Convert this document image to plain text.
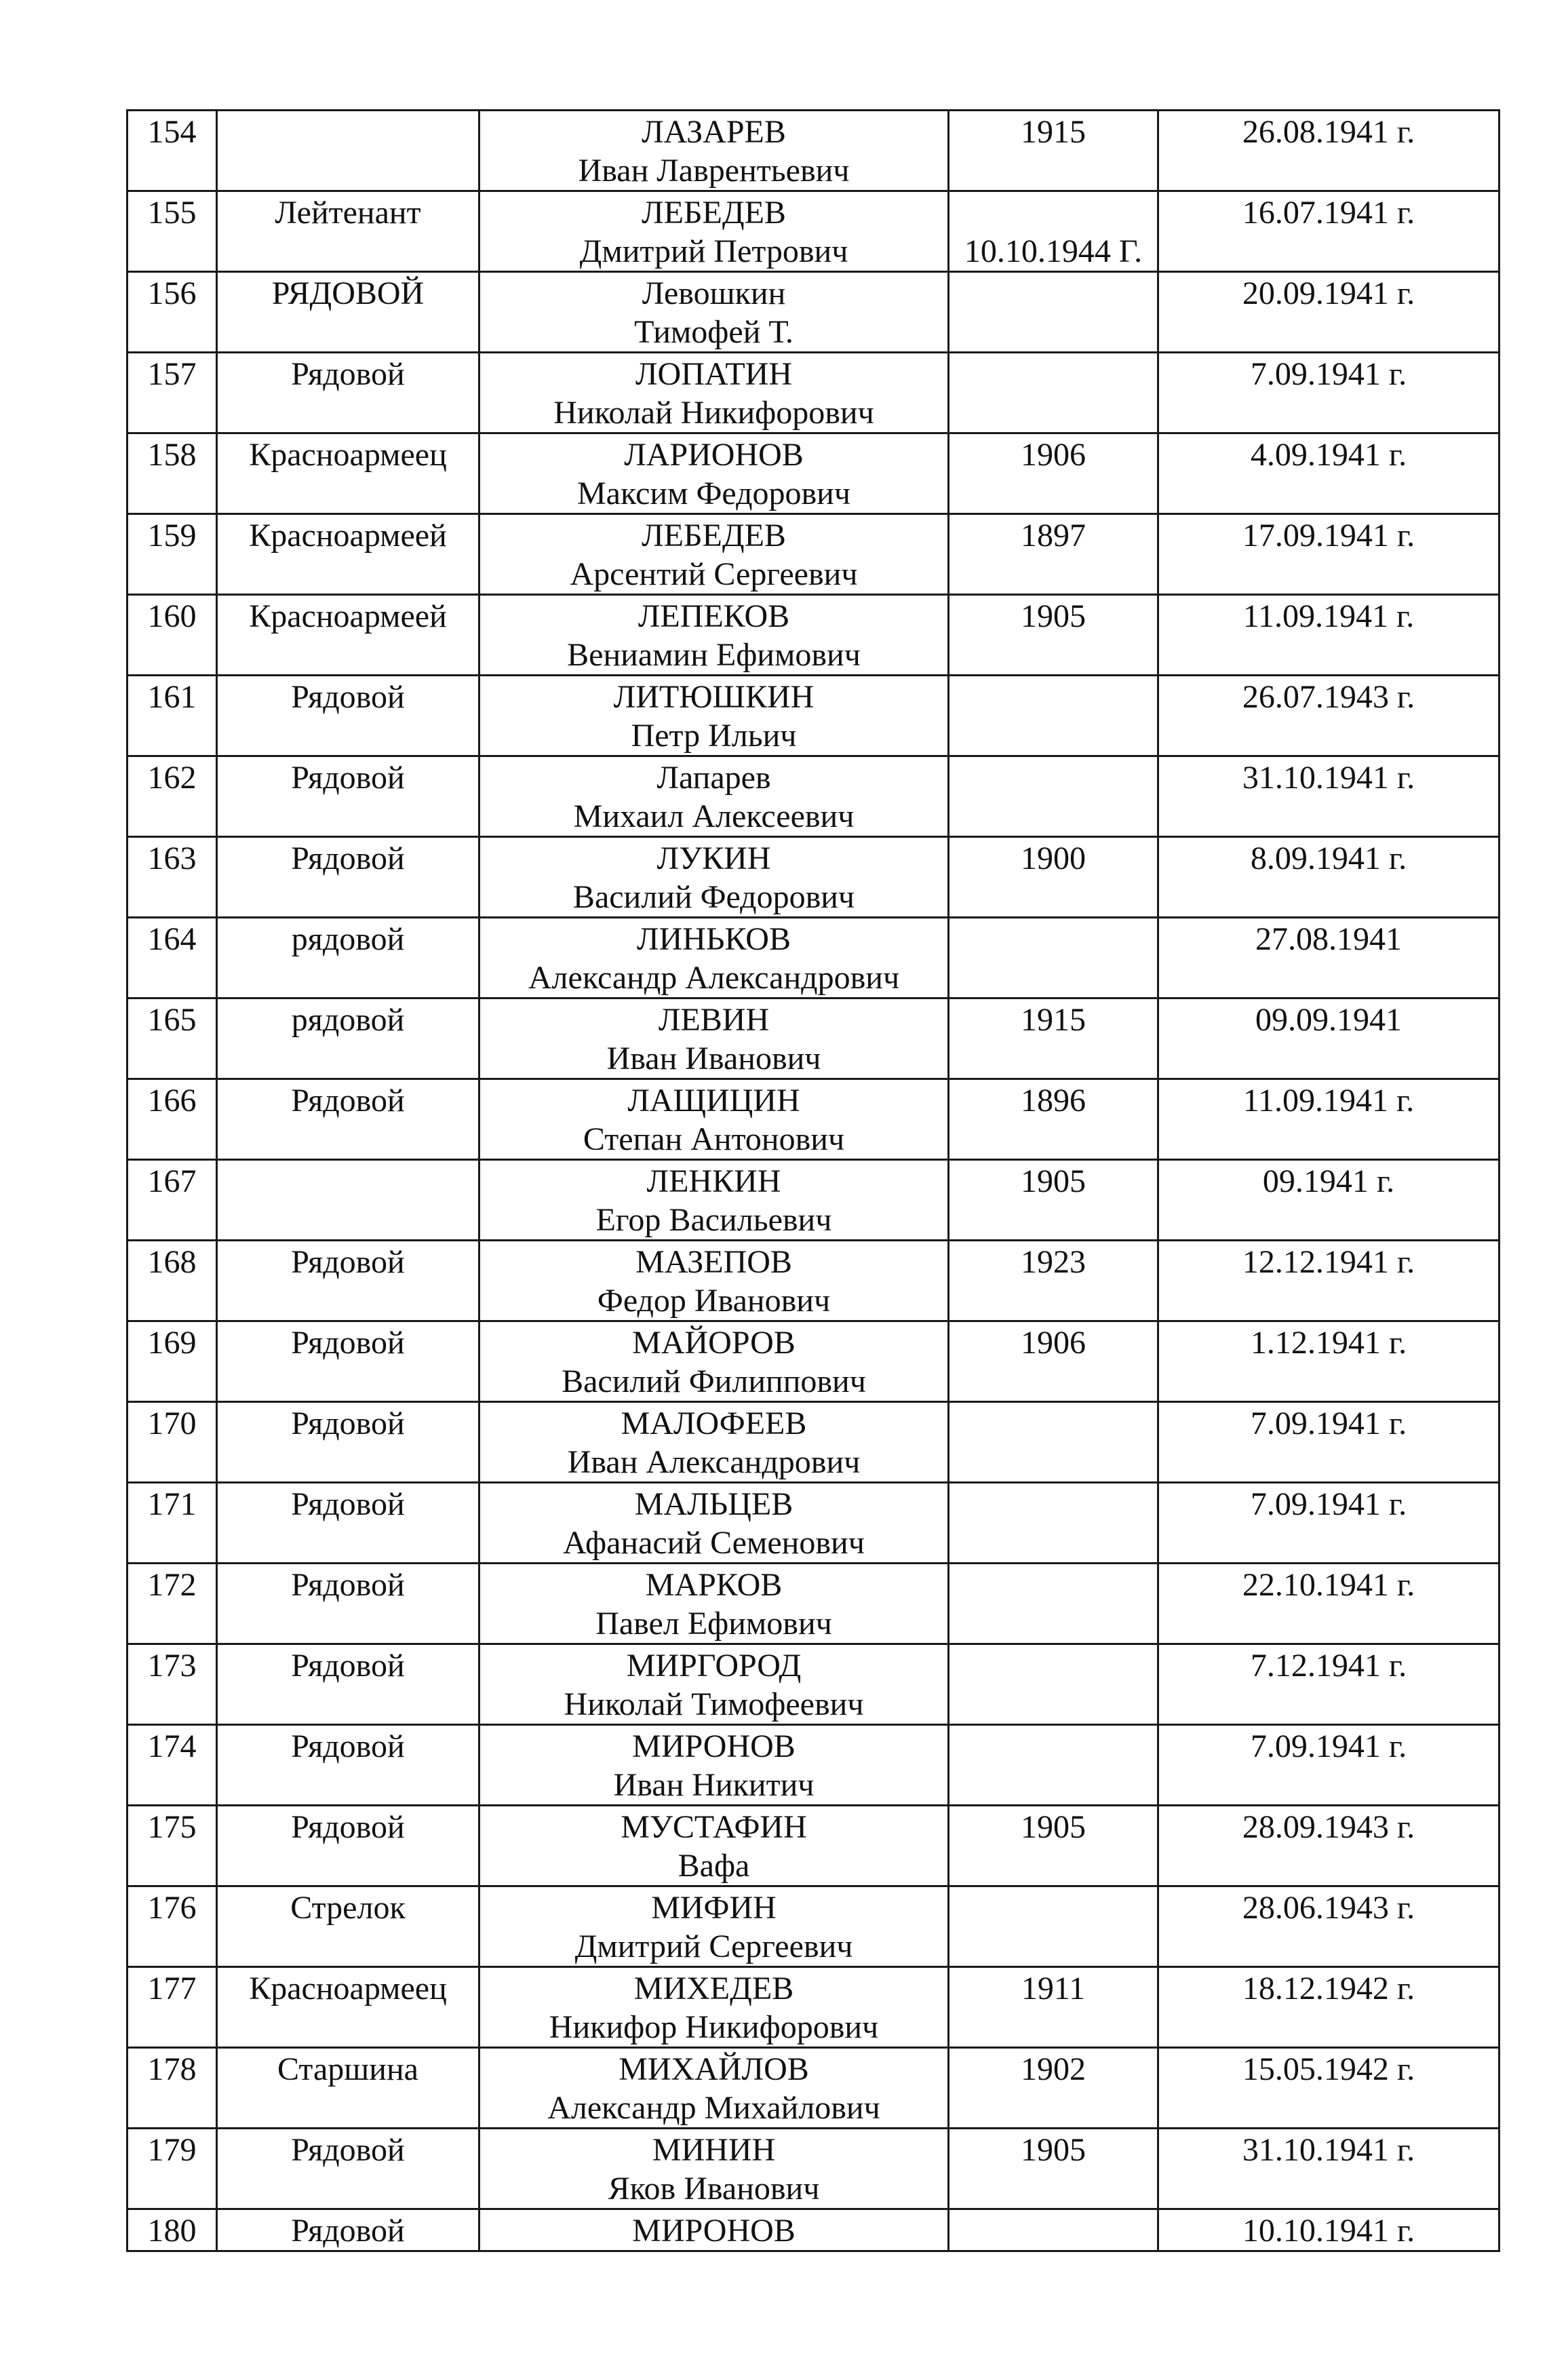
154		ЛАЗАРЕВ
Иван Лаврентьевич	1915	26.08.1941 г.

155	Лейтенант	ЛЕБЕДЕВ
Дмитрий Петрович	10.10.1944 Г.	16.07.1941 г.

156	РЯДОВОЙ	Левошкин
Тимофей Т.		20.09.1941 г.

157	Рядовой	ЛОПАТИН
Николай Никифорович		7.09.1941 г.

158	Красноармеец	ЛАРИОНОВ
Максим Федорович	1906	4.09.1941 г.

159	Красноармеей	ЛЕБЕДЕВ
Арсентий Сергеевич	1897	17.09.1941 г.

160	Красноармеей	ЛЕПЕКОВ
Вениамин Ефимович	1905	11.09.1941 г.

161	Рядовой	ЛИТЮШКИН
Петр Ильич		26.07.1943 г.

162	Рядовой	Лапарев
Михаил Алексеевич		31.10.1941 г.

163	Рядовой	ЛУКИН
Василий Федорович	1900	8.09.1941 г.

164	рядовой	ЛИНЬКОВ
Александр Александрович		27.08.1941

165	рядовой	ЛЕВИН
Иван Иванович	1915	09.09.1941

166	Рядовой	ЛАЩИЦИН
Степан Антонович	1896	11.09.1941 г.

167		ЛЕНКИН
Егор Васильевич	1905	09.1941 г.

168	Рядовой	МАЗЕПОВ
Федор Иванович	1923	12.12.1941 г.

169	Рядовой	МАЙОРОВ
Василий Филиппович	1906	1.12.1941 г.

170	Рядовой	МАЛОФЕЕВ
Иван Александрович		7.09.1941 г.

171	Рядовой	МАЛЬЦЕВ
Афанасий Семенович		7.09.1941 г.

172	Рядовой	МАРКОВ
Павел Ефимович		22.10.1941 г.

173	Рядовой	МИРГОРОД
Николай Тимофеевич		7.12.1941 г.

174	Рядовой	МИРОНОВ
Иван Никитич		7.09.1941 г.

175	Рядовой	МУСТАФИН
Вафа	1905	28.09.1943 г.

176	Стрелок	МИФИН
Дмитрий Сергеевич		28.06.1943 г.

177	Красноармеец	МИХЕДЕВ
Никифор Никифорович	1911	18.12.1942 г.

178	Старшина	МИХАЙЛОВ
Александр Михайлович	1902	15.05.1942 г.

179	Рядовой	МИНИН
Яков Иванович	1905	31.10.1941 г.

180	Рядовой	МИРОНОВ		10.10.1941 г.
